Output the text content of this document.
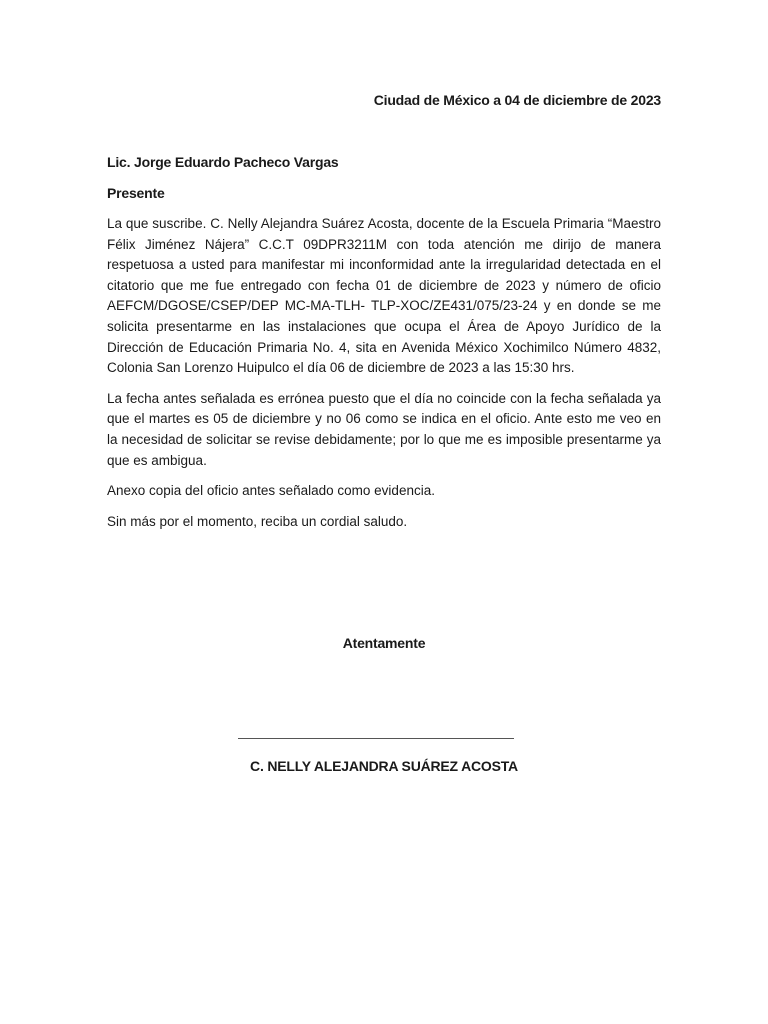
Ciudad de México a 04 de diciembre de 2023
Lic. Jorge Eduardo Pacheco Vargas
Presente

La que suscribe. C. Nelly Alejandra Suárez Acosta, docente de la Escuela Primaria “Maestro Félix Jiménez Nájera” C.C.T 09DPR3211M con toda atención me dirijo de manera respetuosa a usted para manifestar mi inconformidad ante la irregularidad detectada en el citatorio que me fue entregado con fecha 01 de diciembre de 2023 y número de oficio AEFCM/DGOSE/CSEP/DEP MC-MA-TLH- TLP-XOC/ZE431/075/23-24 y en donde se me solicita presentarme en las instalaciones que ocupa el Área de Apoyo Jurídico de la Dirección de Educación Primaria No. 4, sita en Avenida México Xochimilco Número 4832, Colonia San Lorenzo Huipulco el día 06 de diciembre de 2023 a las 15:30 hrs.

La fecha antes señalada es errónea puesto que el día no coincide con la fecha señalada ya que el martes es 05 de diciembre y no 06 como se indica en el oficio. Ante esto me veo en la necesidad de solicitar se revise debidamente; por lo que me es imposible presentarme ya que es ambigua.

Anexo copia del oficio antes señalado como evidencia.

Sin más por el momento, reciba un cordial saludo.

Atentamente
C. NELLY ALEJANDRA SUÁREZ ACOSTA
